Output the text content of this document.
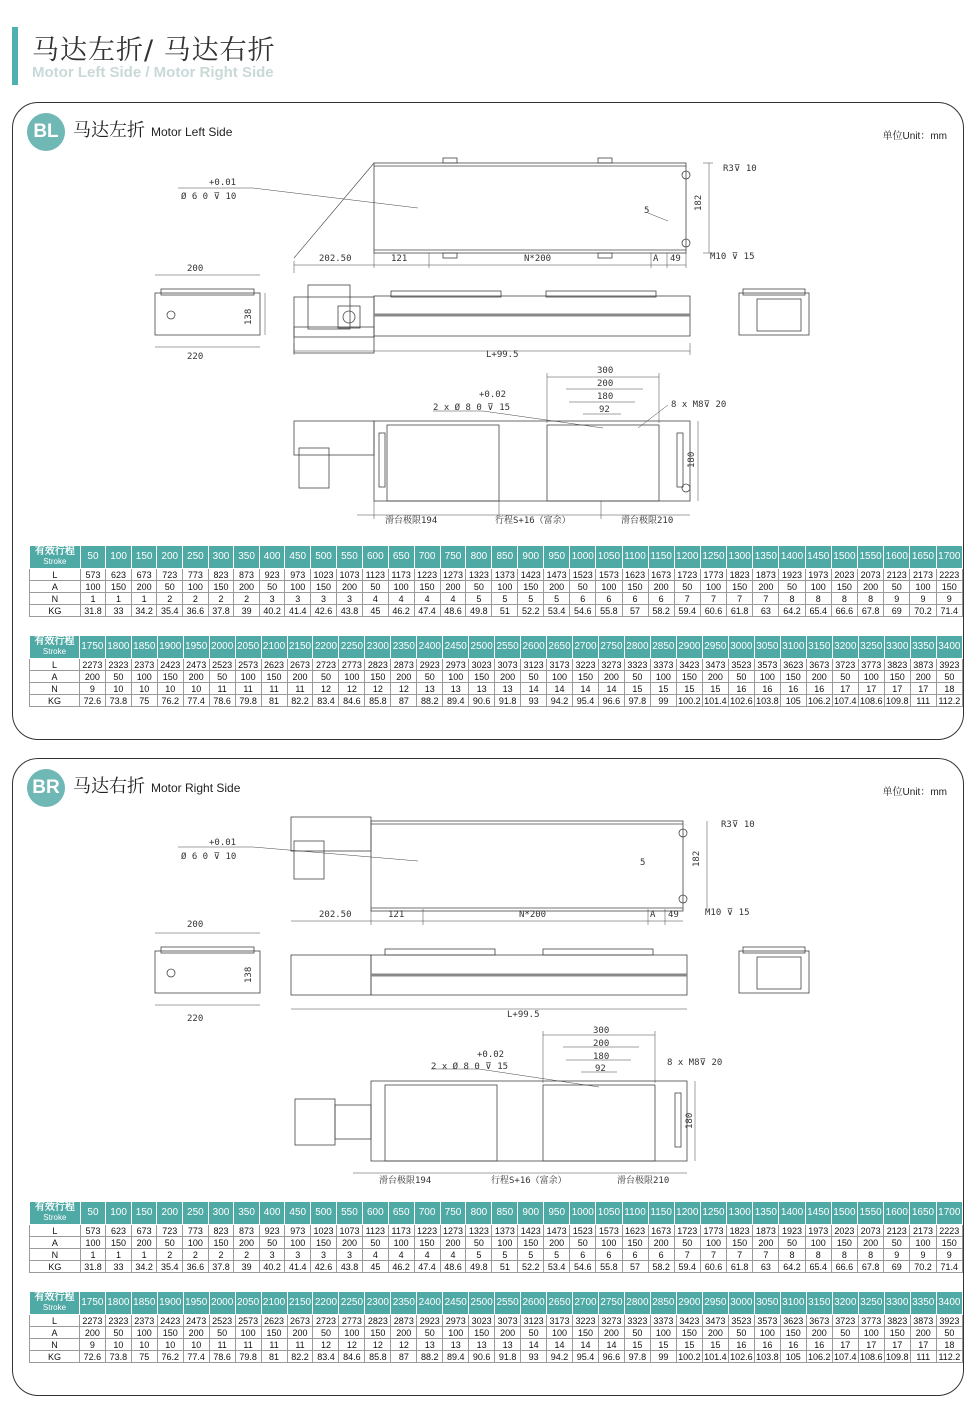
马达左折/ 马达右折
Motor Left Side / Motor Right Side
BL 马达左折 Motor Left Side	单位Unit：mm
+0.01
Ø 6 0 ⊽ 10
R3⊽ 10
5	182
202.50	121	N*200	A 49	M10 ⊽ 15
200
138
220	L+99.5
300
200
180
92
+0.02
2 x Ø 8 0 ⊽ 15	8 x M8⊽ 20
180
滑台极限194	行程S+16（富余）	滑台极限210
有效行程
Stroke	50	100	150	200	250	300	350	400	450	500	550	600	650	700	750	800	850	900	950	1000	1050	1100	1150	1200	1250	1300	1350	1400	1450	1500	1550	1600	1650	1700
L	573	623	673	723	773	823	873	923	973	1023	1073	1123	1173	1223	1273	1323	1373	1423	1473	1523	1573	1623	1673	1723	1773	1823	1873	1923	1973	2023	2073	2123	2173	2223
A	100	150	200	50	100	150	200	50	100	150	200	50	100	150	200	50	100	150	200	50	100	150	200	50	100	150	200	50	100	150	200	50	100	150
N	1	1	1	2	2	2	2	3	3	3	3	4	4	4	4	5	5	5	5	6	6	6	6	7	7	7	7	8	8	8	8	9	9	9
KG	31.8	33	34.2	35.4	36.6	37.8	39	40.2	41.4	42.6	43.8	45	46.2	47.4	48.6	49.8	51	52.2	53.4	54.6	55.8	57	58.2	59.4	60.6	61.8	63	64.2	65.4	66.6	67.8	69	70.2	71.4
有效行程
Stroke	1750	1800	1850	1900	1950	2000	2050	2100	2150	2200	2250	2300	2350	2400	2450	2500	2550	2600	2650	2700	2750	2800	2850	2900	2950	3000	3050	3100	3150	3200	3250	3300	3350	3400
L	2273	2323	2373	2423	2473	2523	2573	2623	2673	2723	2773	2823	2873	2923	2973	3023	3073	3123	3173	3223	3273	3323	3373	3423	3473	3523	3573	3623	3673	3723	3773	3823	3873	3923
A	200	50	100	150	200	50	100	150	200	50	100	150	200	50	100	150	200	50	100	150	200	50	100	150	200	50	100	150	200	50	100	150	200	50
N	9	10	10	10	10	11	11	11	11	12	12	12	12	13	13	13	13	14	14	14	14	15	15	15	15	16	16	16	16	17	17	17	17	18
KG	72.6	73.8	75	76.2	77.4	78.6	79.8	81	82.2	83.4	84.6	85.8	87	88.2	89.4	90.6	91.8	93	94.2	95.4	96.6	97.8	99	100.2	101.4	102.6	103.8	105	106.2	107.4	108.6	109.8	111	112.2
BR 马达右折 Motor Right Side	单位Unit：mm
+0.01
Ø 6 0 ⊽ 10
R3⊽ 10
5	182
202.50	121	N*200	A 49	M10 ⊽ 15
200
138
220	L+99.5
300
200
180
92
+0.02
2 x Ø 8 0 ⊽ 15	8 x M8⊽ 20
180
滑台极限194	行程S+16（富余）	滑台极限210
有效行程
Stroke	50	100	150	200	250	300	350	400	450	500	550	600	650	700	750	800	850	900	950	1000	1050	1100	1150	1200	1250	1300	1350	1400	1450	1500	1550	1600	1650	1700
L	573	623	673	723	773	823	873	923	973	1023	1073	1123	1173	1223	1273	1323	1373	1423	1473	1523	1573	1623	1673	1723	1773	1823	1873	1923	1973	2023	2073	2123	2173	2223
A	100	150	200	50	100	150	200	50	100	150	200	50	100	150	200	50	100	150	200	50	100	150	200	50	100	150	200	50	100	150	200	50	100	150
N	1	1	1	2	2	2	2	3	3	3	3	4	4	4	4	5	5	5	5	6	6	6	6	7	7	7	7	8	8	8	8	9	9	9
KG	31.8	33	34.2	35.4	36.6	37.8	39	40.2	41.4	42.6	43.8	45	46.2	47.4	48.6	49.8	51	52.2	53.4	54.6	55.8	57	58.2	59.4	60.6	61.8	63	64.2	65.4	66.6	67.8	69	70.2	71.4
有效行程
Stroke	1750	1800	1850	1900	1950	2000	2050	2100	2150	2200	2250	2300	2350	2400	2450	2500	2550	2600	2650	2700	2750	2800	2850	2900	2950	3000	3050	3100	3150	3200	3250	3300	3350	3400
L	2273	2323	2373	2423	2473	2523	2573	2623	2673	2723	2773	2823	2873	2923	2973	3023	3073	3123	3173	3223	3273	3323	3373	3423	3473	3523	3573	3623	3673	3723	3773	3823	3873	3923
A	200	50	100	150	200	50	100	150	200	50	100	150	200	50	100	150	200	50	100	150	200	50	100	150	200	50	100	150	200	50	100	150	200	50
N	9	10	10	10	10	11	11	11	11	12	12	12	12	13	13	13	13	14	14	14	14	15	15	15	15	16	16	16	16	17	17	17	17	18
KG	72.6	73.8	75	76.2	77.4	78.6	79.8	81	82.2	83.4	84.6	85.8	87	88.2	89.4	90.6	91.8	93	94.2	95.4	96.6	97.8	99	100.2	101.4	102.6	103.8	105	106.2	107.4	108.6	109.8	111	112.2
